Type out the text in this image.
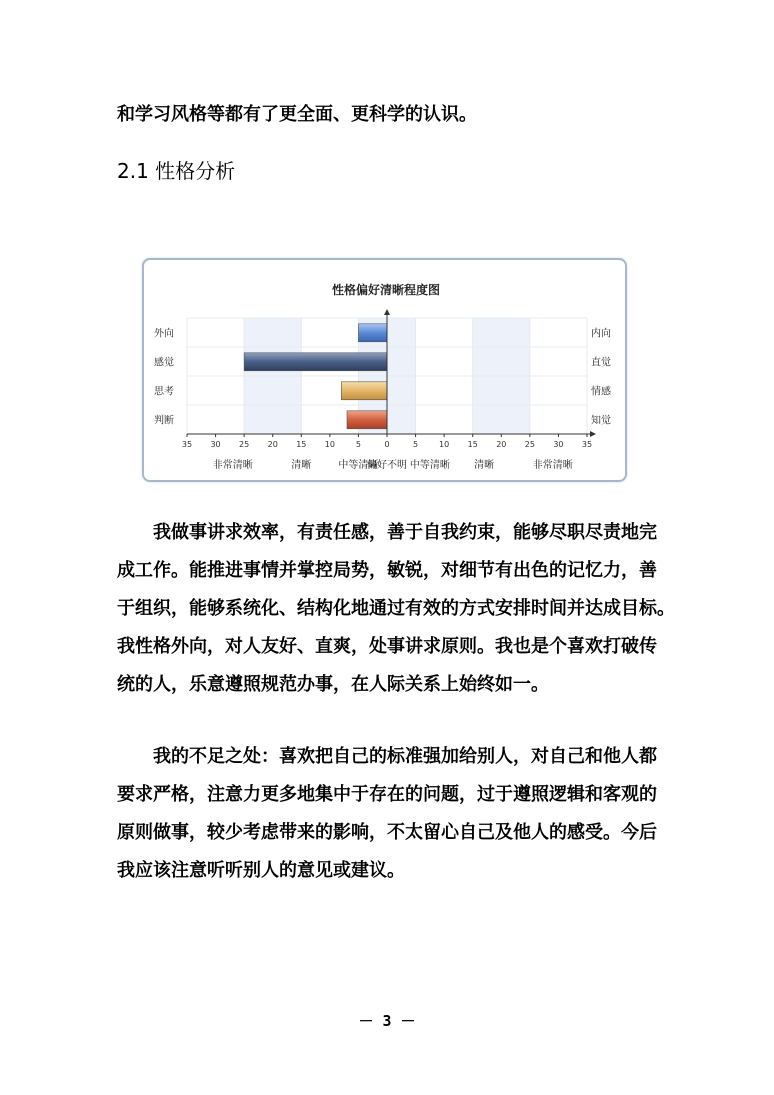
和学习风格等都有了更全面、更科学的认识。
2.1 性格分析
性格偏好清晰程度图
外向
感觉
思考
判断
内向
直觉
情感
知觉
35 30 25 20 15 10	5	0	5	10 15 20 25 30 35
非常清晰	清晰	中等清晰
偏好不明 中等清晰 清晰	非常清晰
我做事讲求效率，有责任感，善于自我约束，能够尽职尽责地完
成工作。能推进事情并掌控局势，敏锐，对细节有出色的记忆力，善
于组织，能够系统化、结构化地通过有效的方式安排时间并达成目标。
我性格外向，对人友好、直爽，处事讲求原则。我也是个喜欢打破传
统的人，乐意遵照规范办事，在人际关系上始终如一。
我的不足之处：喜欢把自己的标准强加给别人，对自己和他人都
要求严格，注意力更多地集中于存在的问题，过于遵照逻辑和客观的
原则做事，较少考虑带来的影响，不太留心自己及他人的感受。今后
我应该注意听听别人的意见或建议。
－ 3 －
